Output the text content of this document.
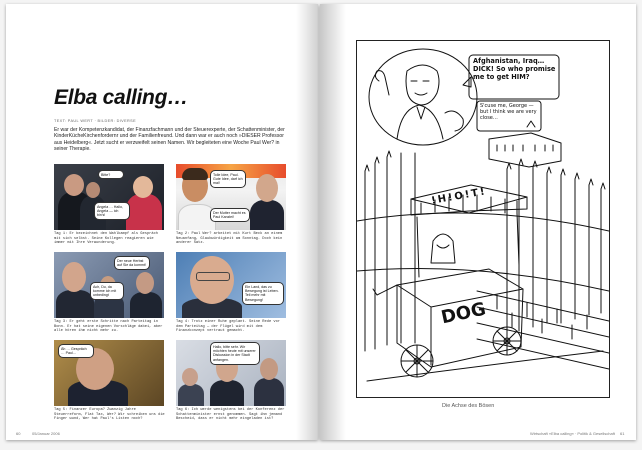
Elba calling…
TEXT: PAUL WERT · BILDER: DIVERSE
Er war der Kompetenzkandidat, der Finanzfachmann und der Steuerexperte, der Schattenminister, der KinderKücheKirchenfordernr und der Familienfreund. Und dann war er auch noch »DIESER Professor aus Heidelberg«. Jetzt sucht er verzweifelt seinen Namen. Wir begleiteten eine Woche Paul Wer? in seiner Therapie.
Bitte?
Angela … Hallo, Angela — ich bin's!
Tag 1: Er bezeichnet den Wahlkampf als Gespräch mit sich selbst. Seine Kollegen reagieren wie immer mit Ihre Verwunderung.
Tolle Idee, Paul. Gute Idee, darf ich mal!
Der Mutter macht es Paul Kanzlei!
Tag 2: Paul Wer? arbeitet mit Kurt Beck an einem Neuanfang, Glaubwürdigkeit am Sonntag. Doch kein anderer Satz.
Der neue Herbst auf Sie da kommt!
Ach, Du, da komme ich mit unbedingt
Tag 3: Er geht erste Schritte nach Parteitag in Bonn. Er hat seine eigenen Vorschläge dabei, aber alle hören ihm nicht mehr zu.
Ein Land, das zu Bewegung ist Leben. Teil mehr mit Bewegung!
Tag 4: Trotz einer Ruhe geplant. Seine Rede vor dem Parteitag — der Flügel wird mit dem Finanzkonzept vertraut gemacht.
Äh … Gespräch … Paul…
Tag 5: Finanzer Europa? Zwanzig Jahre Steuerreform, Flat Tax, Wer? Wir schreiben uns die Finger wund, Wer hat Paul's Listen noch?
Hallo, bitte sehr. Wir möchten heute mit unserer Diskussion in der Stadt anfangen.
Tag 6: Ich werde wenigstens bei der Konferenz der Schattenminister ernst genommen. Sagt ihm jemand Bescheid, dass er nicht mehr eingeladen ist?
60	05/Januar 2006
Afghanistan, Iraq… DICK! So who promise me to get HIM?
S'cuse me, George — but I think we are very close…
!H!O!T!
DOG
Die Achse des Bösen
Wirtschaft »Elba calling« · Politik & Gesellschaft 61
